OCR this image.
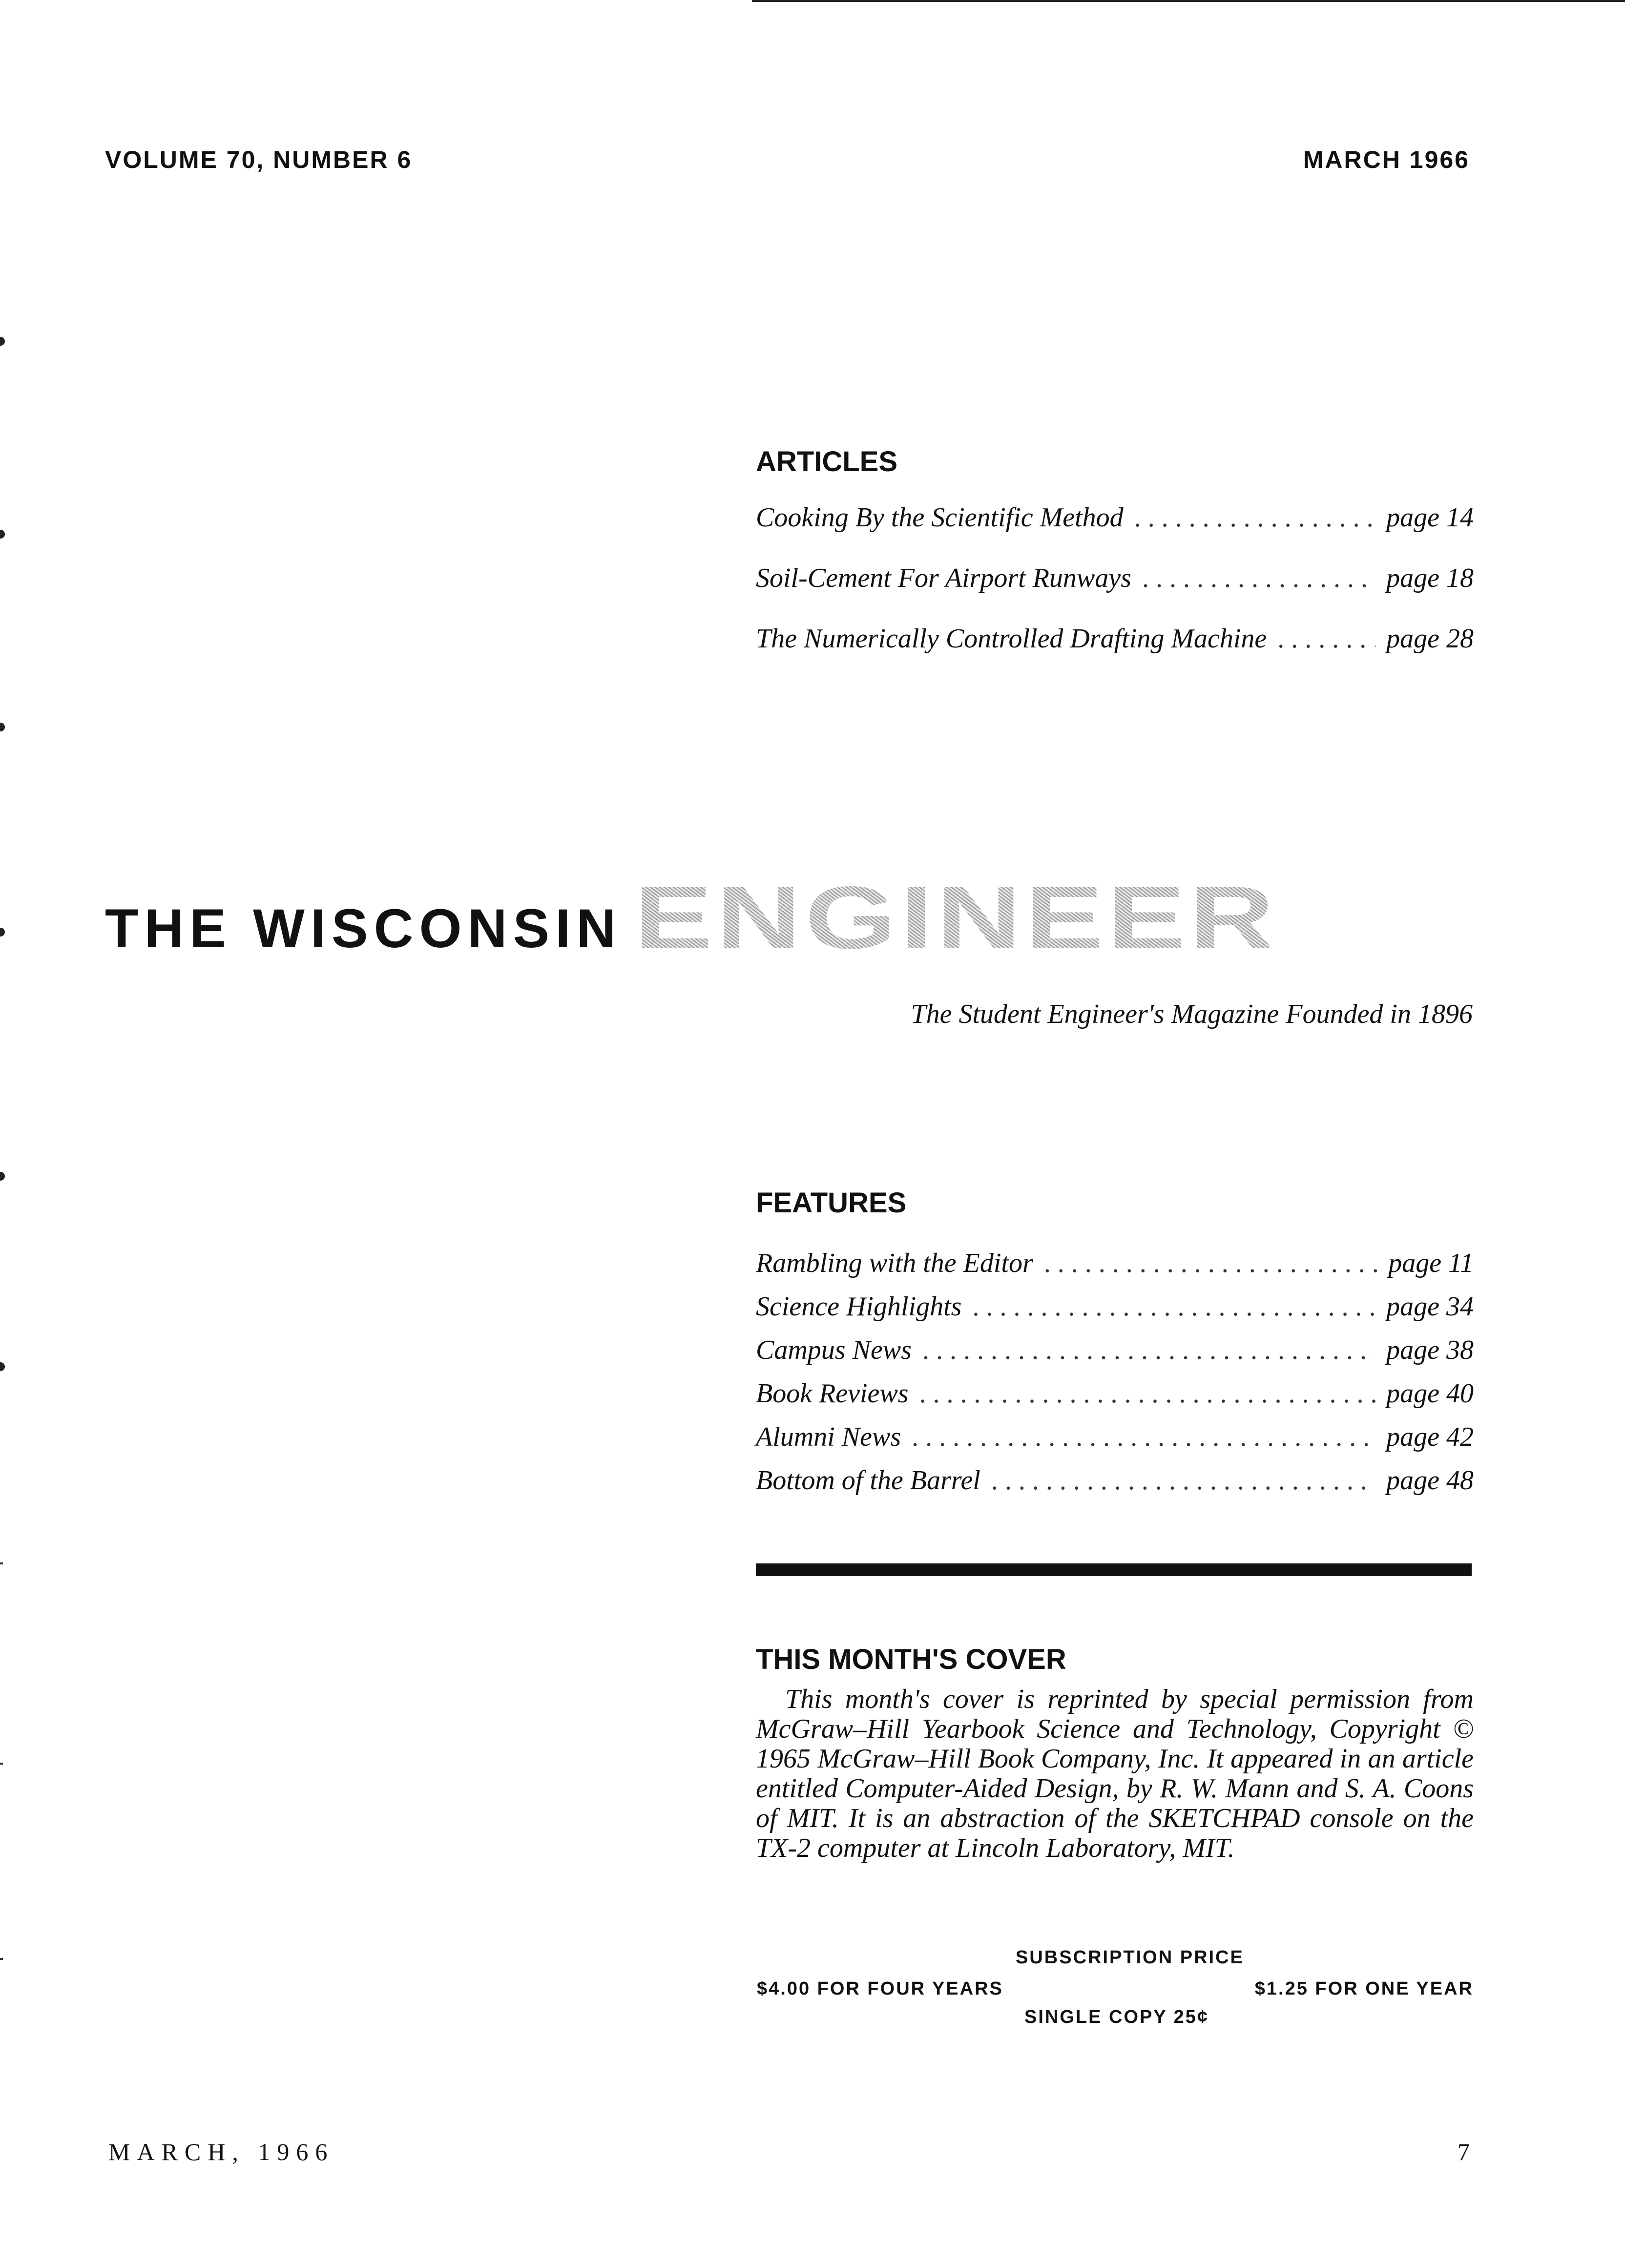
VOLUME 70, NUMBER 6	MARCH 1966
ARTICLES
Cooking By the Scientific Method . . .	page 14
Soil-Cement For Airport Runways . . .	page 18
The Numerically Controlled Drafting Machine . . .	page 28
THE WISCONSIN ENGINEER
The Student Engineer's Magazine Founded in 1896
FEATURES
Rambling with the Editor . . .	page 11
Science Highlights . . .	page 34
Campus News . . .	page 38
Book Reviews . . .	page 40
Alumni News . . .	page 42
Bottom of the Barrel . . .	page 48
THIS MONTH'S COVER

This month's cover is reprinted by special permission from McGraw–Hill Yearbook Science and Technology, Copyright © 1965 McGraw–Hill Book Company, Inc. It appeared in an article entitled Computer-Aided Design, by R. W. Mann and S. A. Coons of MIT. It is an abstraction of the SKETCHPAD console on the TX-2 computer at Lincoln Laboratory, MIT.

SUBSCRIPTION PRICE
$4.00 FOR FOUR YEARS	$1.25 FOR ONE YEAR
SINGLE COPY 25¢
MARCH, 1966	7
